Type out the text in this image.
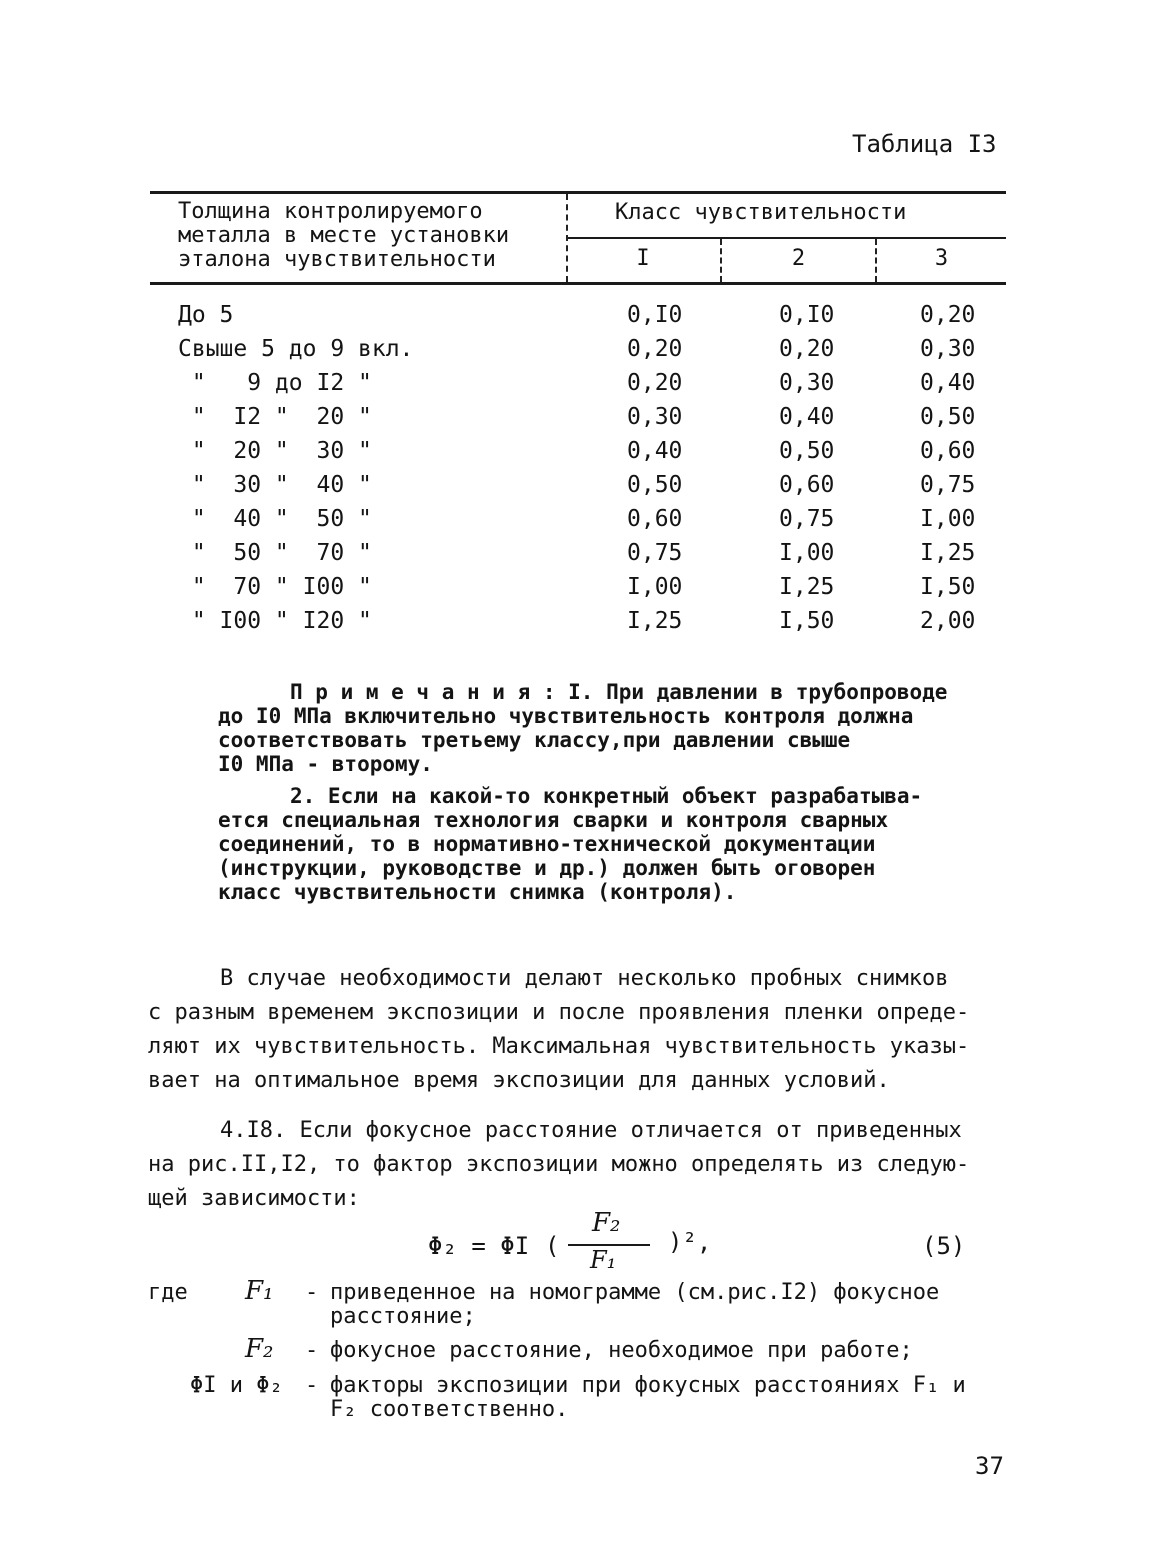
Таблица I3
Толщина контролируемого
металла в месте установки
эталона чувствительности
Класс чувствительности
I	2	3
До 5	0,I0	0,I0	0,20
Свыше 5 до 9 вкл.	0,20	0,20	0,30
"   9 до I2 "	0,20	0,30	0,40
"  I2 "  20 "	0,30	0,40	0,50
"  20 "  30 "	0,40	0,50	0,60
"  30 "  40 "	0,50	0,60	0,75
"  40 "  50 "	0,60	0,75	I,00
"  50 "  70 "	0,75	I,00	I,25
"  70 " I00 "	I,00	I,25	I,50
" I00 " I20 "	I,25	I,50	2,00

П р и м е ч а н и я : I. При давлении в трубопроводе

до I0 МПа включительно чувствительность контроля должна

соответствовать третьему классу,при давлении свыше

I0 МПа - второму.

2. Если на какой-то конкретный объект разрабатыва-

ется специальная технология сварки и контроля сварных

соединений, то в нормативно-технической документации

(инструкции, руководстве и др.) должен быть оговорен

класс чувствительности снимка (контроля).

В случае необходимости делают несколько пробных снимков

с разным временем экспозиции и после проявления пленки опреде-

ляют их чувствительность. Максимальная чувствительность указы-

вает на оптимальное время экспозиции для данных условий.

4.I8. Если фокусное расстояние отличается от приведенных

на рис.II,I2, то фактор экспозиции можно определять из следую-

щей зависимости:

Φ₂ = ΦI (
F₂
F₁
)²,	(5)
где F₁ - приведенное на номограмме (см.рис.I2) фокусное
расстояние;
F₂ - фокусное расстояние, необходимое при работе;
ΦI и Φ₂ - факторы экспозиции при фокусных расстояниях F₁ и
F₂ соответственно.
37
